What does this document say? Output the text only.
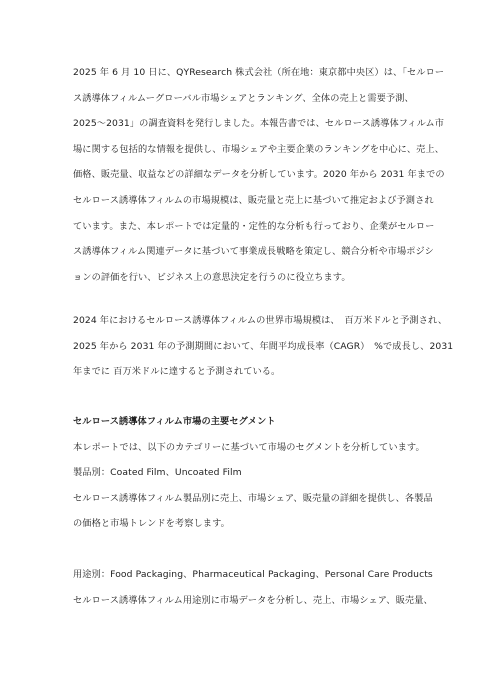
2025 年 6 月 10 日に、QYResearch 株式会社（所在地：東京都中央区）は、「セルロー
ス誘導体フィルムーグローバル市場シェアとランキング、全体の売上と需要予測、
2025～2031」の調査資料を発行しました。本報告書では、セルロース誘導体フィルム市
場に関する包括的な情報を提供し、市場シェアや主要企業のランキングを中心に、売上、
価格、販売量、収益などの詳細なデータを分析しています。2020 年から 2031 年までの
セルロース誘導体フィルムの市場規模は、販売量と売上に基づいて推定および予測され
ています。また、本レポートでは定量的・定性的な分析も行っており、企業がセルロー
ス誘導体フィルム関連データに基づいて事業成長戦略を策定し、競合分析や市場ポジシ
ョンの評価を行い、ビジネス上の意思決定を行うのに役立ちます。
2024 年におけるセルロース誘導体フィルムの世界市場規模は、　百万米ドルと予測され、
2025 年から 2031 年の予測期間において、年間平均成長率（CAGR）　%で成長し、2031
年までに 百万米ドルに達すると予測されている。
セルロース誘導体フィルム市場の主要セグメント
本レポートでは、以下のカテゴリーに基づいて市場のセグメントを分析しています。
製品別：Coated Film、Uncoated Film
セルロース誘導体フィルム製品別に売上、市場シェア、販売量の詳細を提供し、各製品
の価格と市場トレンドを考察します。
用途別：Food Packaging、Pharmaceutical Packaging、Personal Care Products
セルロース誘導体フィルム用途別に市場データを分析し、売上、市場シェア、販売量、
